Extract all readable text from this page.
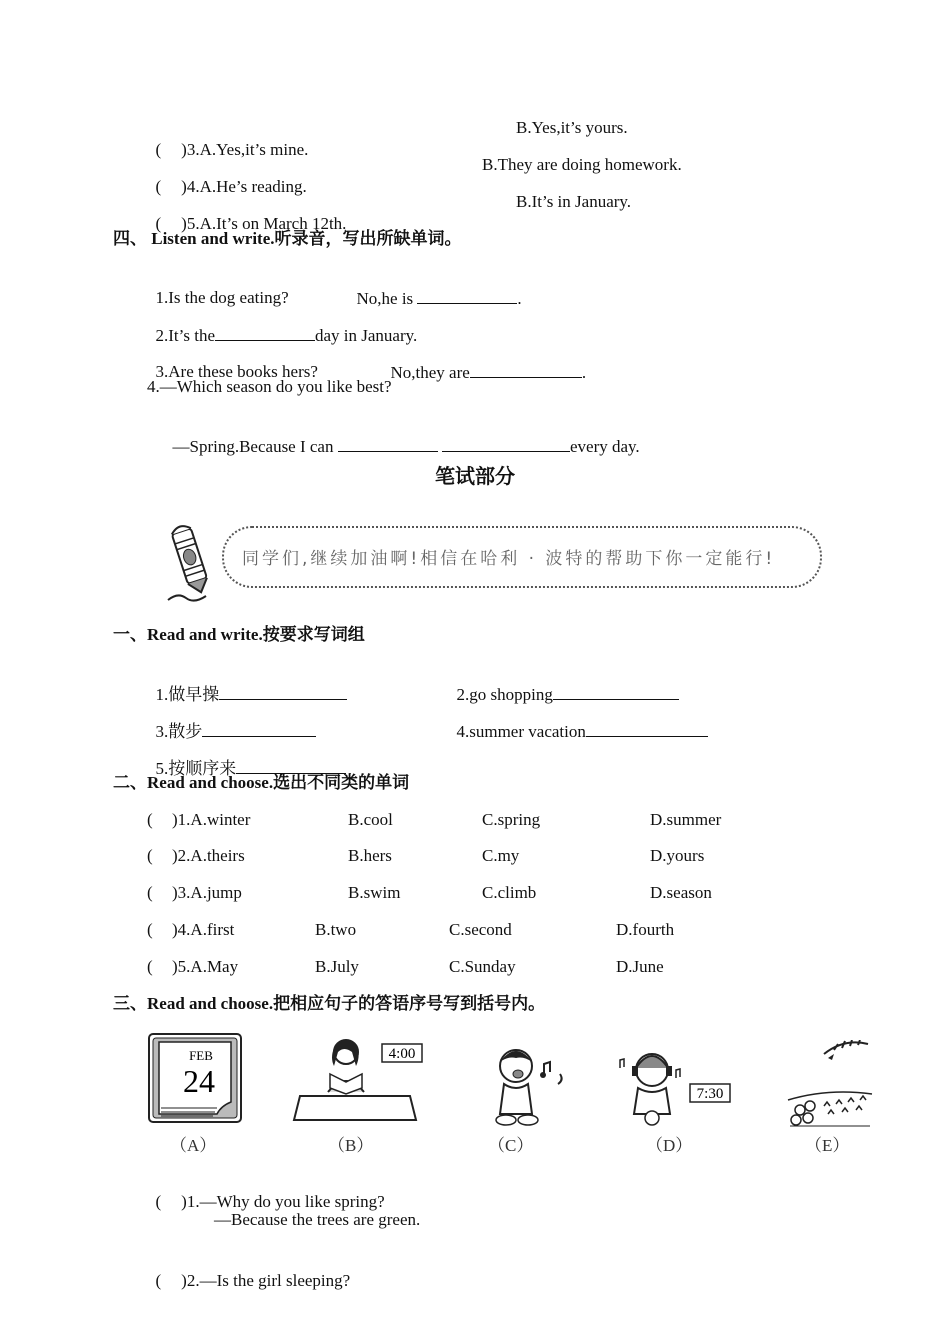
( )3.A.Yes,it’s mine.

B.Yes,it’s yours.

( )4.A.He’s reading.

B.They are doing homework.

( )5.A.It’s on March 12th.

B.It’s in January.
四、 Listen and write.听录音，写出所缺单词。

1.Is the dog eating?	No,he is	.

2.It’s the	day in January.

3.Are these books hers?	No,they are	.

4.—Which season do you like best?

—Spring.Because I can	every day.

笔试部分
同学们,继续加油啊!相信在哈利 · 波特的帮助下你一定能行!
一、Read and write.按要求写词组

1.做早操	2.go shopping

3.散步	4.summer vacation

5.按顺序来

二、Read and choose.选出不同类的单词
( )1.A.winter	B.cool	C.spring	D.summer
( )2.A.theirs	B.hers	C.my	D.yours
( )3.A.jump	B.swim	C.climb	D.season
( )4.A.first	B.two	C.second	D.fourth
( )5.A.May	B.July	C.Sunday	D.June
三、Read and choose.把相应句子的答语序号写到括号内。
FEB
24
（A）
4:00
（B）	（C）
7:30
（D）	（E）

( )1.—Why do you like spring?

—Because the trees are green.

( )2.—Is the girl sleeping?
